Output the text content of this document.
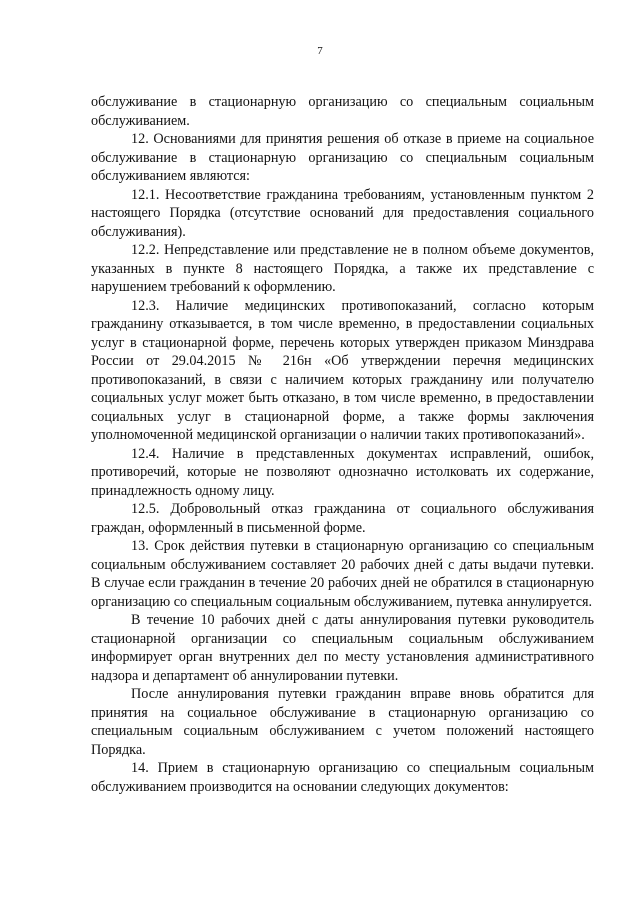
7

обслуживание в стационарную организацию со специальным социальным обслуживанием.

12. Основаниями для принятия решения об отказе в приеме на социальное обслуживание в стационарную организацию со специальным социальным обслуживанием являются:

12.1. Несоответствие гражданина требованиям, установленным пунктом 2 настоящего Порядка (отсутствие оснований для предоставления социального обслуживания).

12.2. Непредставление или представление не в полном объеме документов, указанных в пункте 8 настоящего Порядка, а также их представление с нарушением требований к оформлению.

12.3. Наличие медицинских противопоказаний, согласно которым гражданину отказывается, в том числе временно, в предоставлении социальных услуг в стационарной форме, перечень которых утвержден приказом Минздрава России от 29.04.2015 № 216н «Об утверждении перечня медицинских противопоказаний, в связи с наличием которых гражданину или получателю социальных услуг может быть отказано, в том числе временно, в предоставлении социальных услуг в стационарной форме, а также формы заключения уполномоченной медицинской организации о наличии таких противопоказаний».

12.4. Наличие в представленных документах исправлений, ошибок, противоречий, которые не позволяют однозначно истолковать их содержание, принадлежность одному лицу.

12.5. Добровольный отказ гражданина от социального обслуживания граждан, оформленный в письменной форме.

13. Срок действия путевки в стационарную организацию со специальным социальным обслуживанием составляет 20 рабочих дней с даты выдачи путевки. В случае если гражданин в течение 20 рабочих дней не обратился в стационарную организацию со специальным социальным обслуживанием, путевка аннулируется.

В течение 10 рабочих дней с даты аннулирования путевки руководитель стационарной организации со специальным социальным обслуживанием информирует орган внутренних дел по месту установления административного надзора и департамент об аннулировании путевки.

После аннулирования путевки гражданин вправе вновь обратится для принятия на социальное обслуживание в стационарную организацию со специальным социальным обслуживанием с учетом положений настоящего Порядка.

14. Прием в стационарную организацию со специальным социальным обслуживанием производится на основании следующих документов:
